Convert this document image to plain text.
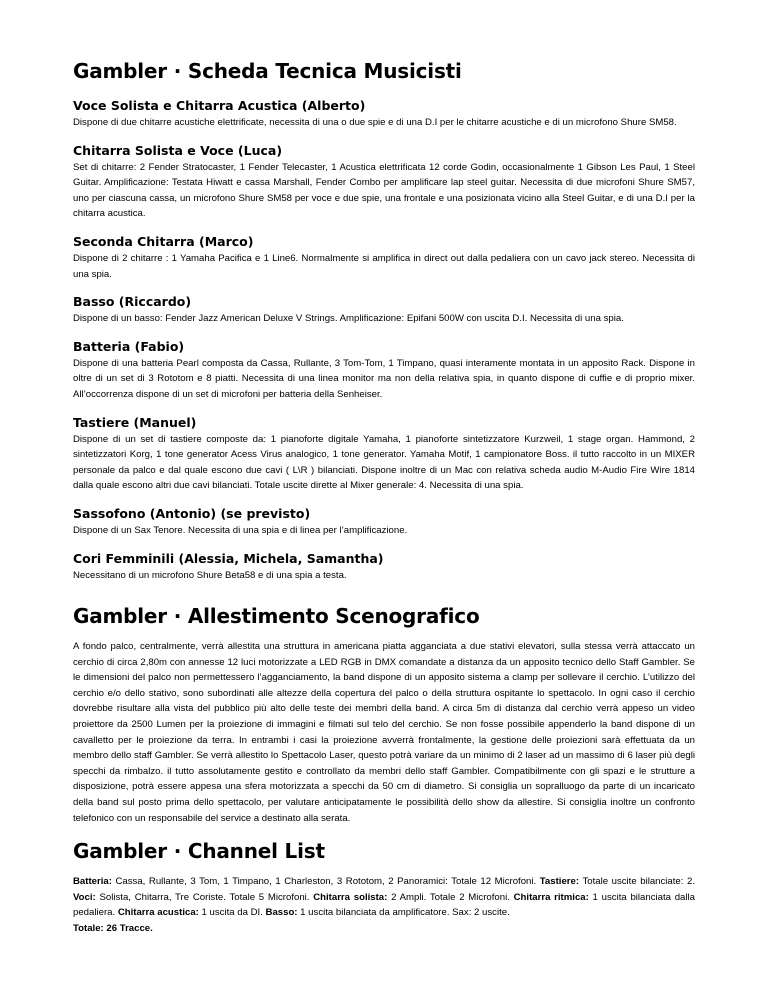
Gambler · Scheda Tecnica Musicisti
Voce Solista e Chitarra Acustica (Alberto)

Dispone di due chitarre acustiche elettrificate, necessita di una o due spie e di una D.I per le chitarre acustiche e di un microfono Shure SM58.

Chitarra Solista e Voce (Luca)

Set di chitarre: 2 Fender Stratocaster, 1 Fender Telecaster, 1 Acustica elettrificata 12 corde Godin, occasionalmente 1 Gibson Les Paul, 1 Steel Guitar. Amplificazione: Testata Hiwatt e cassa Marshall, Fender Combo per amplificare lap steel guitar. Necessita di due microfoni Shure SM57, uno per ciascuna cassa, un microfono Shure SM58 per voce e due spie, una frontale e una posizionata vicino alla Steel Guitar, e di una D.I per la chitarra acustica.

Seconda Chitarra (Marco)

Dispone di 2 chitarre : 1 Yamaha Pacifica e 1 Line6. Normalmente si amplifica in direct out dalla pedaliera con un cavo jack stereo. Necessita di una spia.

Basso (Riccardo)

Dispone di un basso: Fender Jazz American Deluxe V Strings. Amplificazione: Epifani 500W con uscita D.I. Necessita di una spia.

Batteria (Fabio)

Dispone di una batteria Pearl composta da Cassa, Rullante, 3 Tom-Tom, 1 Timpano, quasi interamente montata in un apposito Rack. Dispone in oltre di un set di 3 Rototom e 8 piatti. Necessita di una linea monitor ma non della relativa spia, in quanto dispone di cuffie e di proprio mixer. All’occorrenza dispone di un set di microfoni per batteria della Senheiser.

Tastiere (Manuel)

Dispone di un set di tastiere composte da: 1 pianoforte digitale Yamaha, 1 pianoforte sintetizzatore Kurzweil, 1 stage organ. Hammond, 2 sintetizzatori Korg, 1 tone generator Acess Virus analogico, 1 tone generator. Yamaha Motif, 1 campionatore Boss. il tutto raccolto in un MIXER personale da palco e dal quale escono due cavi ( L\R ) bilanciati. Dispone inoltre di un Mac con relativa scheda audio M-Audio Fire Wire 1814 dalla quale escono altri due cavi bilanciati. Totale uscite dirette al Mixer generale: 4. Necessita di una spia.

Sassofono (Antonio) (se previsto)

Dispone di un Sax Tenore. Necessita di una spia e di linea per l’amplificazione.

Cori Femminili (Alessia, Michela, Samantha)

Necessitano di un microfono Shure Beta58 e di una spia a testa.

Gambler · Allestimento Scenografico

A fondo palco, centralmente, verrà allestita una struttura in americana piatta agganciata a due stativi elevatori, sulla stessa verrà attaccato un cerchio di circa 2,80m con annesse 12 luci motorizzate a LED RGB in DMX comandate a distanza da un apposito tecnico dello Staff Gambler. Se le dimensioni del palco non permettessero l’agganciamento, la band dispone di un apposito sistema a clamp per sollevare il cerchio. L’utilizzo del cerchio e/o dello stativo, sono subordinati alle altezze della copertura del palco o della struttura ospitante lo spettacolo. In ogni caso il cerchio dovrebbe risultare alla vista del pubblico più alto delle teste dei membri della band. A circa 5m di distanza dal cerchio verrà appeso un video proiettore da 2500 Lumen per la proiezione di immagini e filmati sul telo del cerchio. Se non fosse possibile appenderlo la band dispone di un cavalletto per le proiezione da terra. In entrambi i casi la proiezione avverrà frontalmente, la gestione delle proiezioni sarà effettuata da un membro dello staff Gambler. Se verrà allestito lo Spettacolo Laser, questo potrà variare da un minimo di 2 laser ad un massimo di 6 laser più degli specchi da rimbalzo. il tutto assolutamente gestito e controllato da membri dello staff Gambler. Compatibilmente con gli spazi e le strutture a disposizione, potrà essere appesa una sfera motorizzata a specchi da 50 cm di diametro. Si consiglia un sopralluogo da parte di un incaricato della band sul posto prima dello spettacolo, per valutare anticipatamente le possibilità dello show da allestire. Si consiglia inoltre un confronto telefonico con un responsabile del service a destinato alla serata.

Gambler · Channel List

Batteria: Cassa, Rullante, 3 Tom, 1 Timpano, 1 Charleston, 3 Rototom, 2 Panoramici: Totale 12 Microfoni. Tastiere: Totale uscite bilanciate: 2. Voci: Solista, Chitarra, Tre Coriste. Totale 5 Microfoni. Chitarra solista: 2 Ampli. Totale 2 Microfoni. Chitarra ritmica: 1 uscita bilanciata dalla pedaliera. Chitarra acustica: 1 uscita da DI. Basso: 1 uscita bilanciata da amplificatore. Sax: 2 uscite.
Totale: 26 Tracce.
